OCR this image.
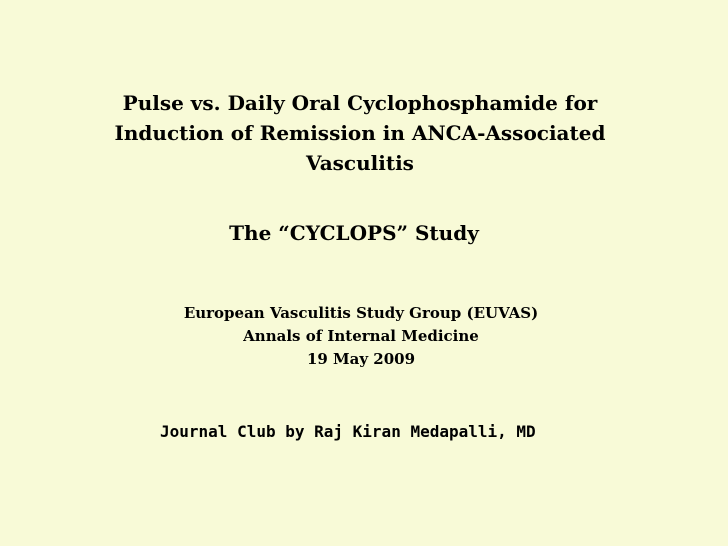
Pulse vs. Daily Oral Cyclophosphamide for
Induction of Remission in ANCA-Associated
Vasculitis
The “CYCLOPS” Study
European Vasculitis Study Group (EUVAS)
Annals of Internal Medicine
19 May 2009
Journal Club by Raj Kiran Medapalli, MD
